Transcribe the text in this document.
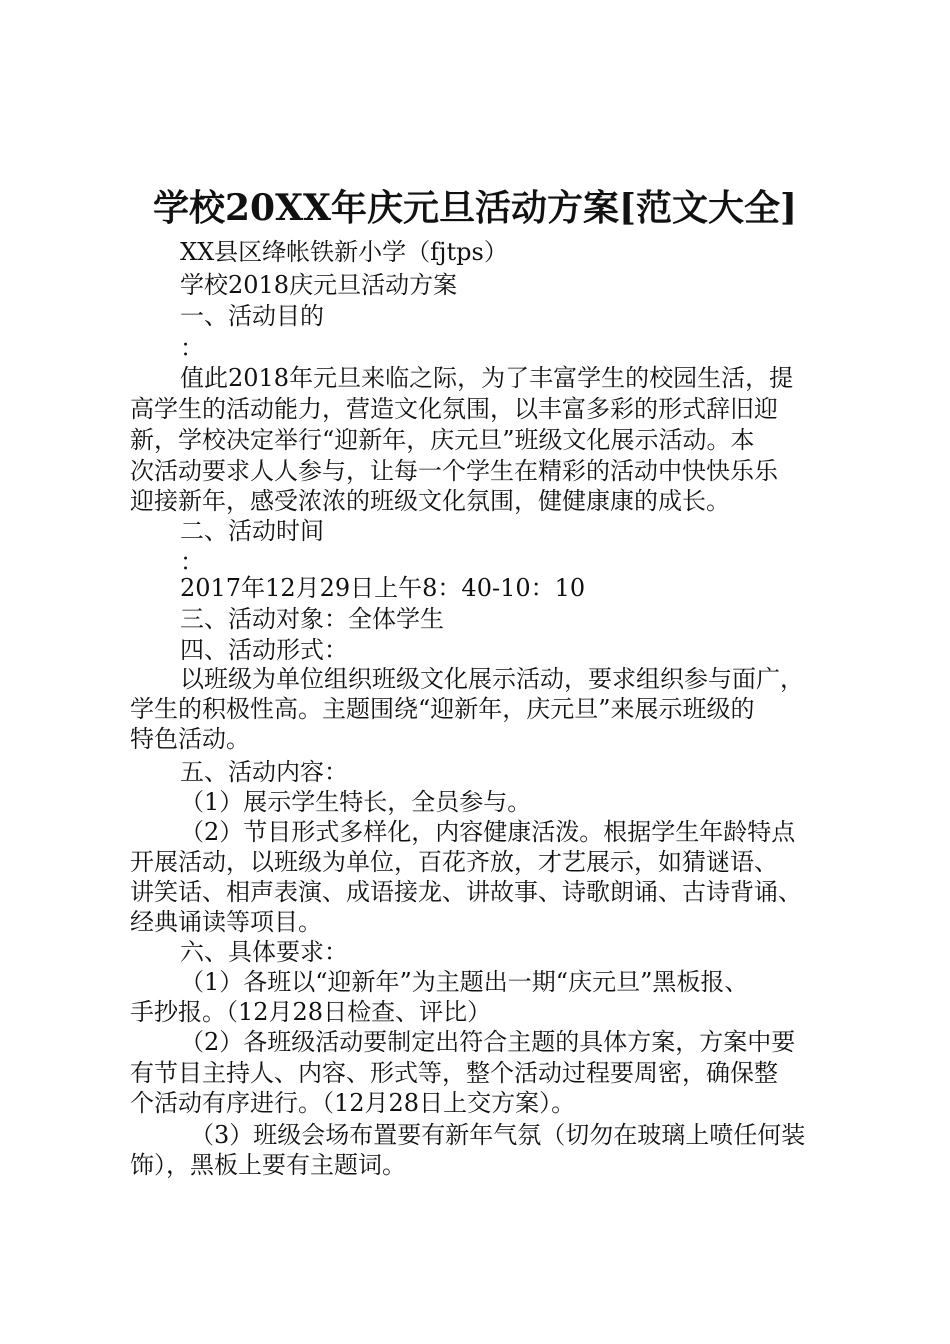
学校20XX年庆元旦活动方案[范文大全]
XX县区绛帐铁新小学（fjtps）
学校2018庆元旦活动方案
一、活动目的
：
值此2018年元旦来临之际，为了丰富学生的校园生活，提
高学生的活动能力，营造文化氛围，以丰富多彩的形式辞旧迎
新，学校决定举行“迎新年，庆元旦”班级文化展示活动。本
次活动要求人人参与，让每一个学生在精彩的活动中快快乐乐
迎接新年，感受浓浓的班级文化氛围，健健康康的成长。
二、活动时间
：
2017年12月29日上午8：40-10：10
三、活动对象：全体学生
四、活动形式：
以班级为单位组织班级文化展示活动，要求组织参与面广，
学生的积极性高。主题围绕“迎新年，庆元旦”来展示班级的
特色活动。
五、活动内容：
（1）展示学生特长，全员参与。
（2）节目形式多样化，内容健康活泼。根据学生年龄特点
开展活动，以班级为单位，百花齐放，才艺展示，如猜谜语、
讲笑话、相声表演、成语接龙、讲故事、诗歌朗诵、古诗背诵、
经典诵读等项目。
六、具体要求：
（1）各班以“迎新年”为主题出一期“庆元旦”黑板报、
手抄报。（12月28日检查、评比）
（2）各班级活动要制定出符合主题的具体方案，方案中要
有节目主持人、内容、形式等，整个活动过程要周密，确保整
个活动有序进行。（12月28日上交方案）。
（3）班级会场布置要有新年气氛（切勿在玻璃上喷任何装
饰），黑板上要有主题词。
